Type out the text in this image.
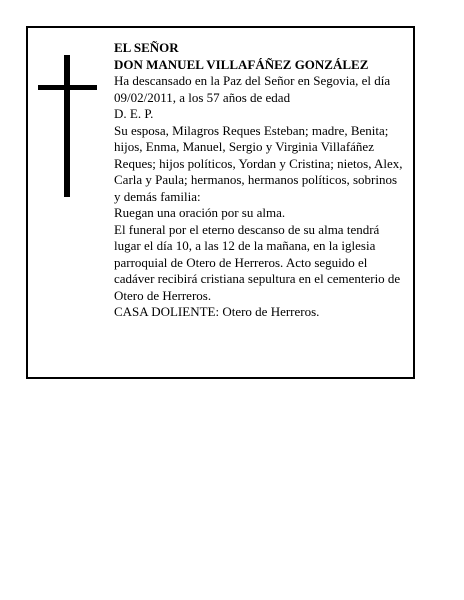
EL SEÑOR

DON MANUEL VILLAFÁÑEZ GONZÁLEZ

Ha descansado en la Paz del Señor en Segovia, el día 09/02/2011, a los 57 años de edad

D. E. P.

Su esposa, Milagros Reques Esteban; madre, Benita; hijos, Enma, Manuel, Sergio y Virginia Villafáñez Reques; hijos políticos, Yordan y Cristina; nietos, Alex, Carla y Paula; hermanos, hermanos políticos, sobrinos y demás familia:

Ruegan una oración por su alma.

El funeral por el eterno descanso de su alma tendrá lugar el día 10, a las 12 de la mañana, en la iglesia parroquial de Otero de Herreros. Acto seguido el cadáver recibirá cristiana sepultura en el cementerio de Otero de Herreros.

CASA DOLIENTE: Otero de Herreros.
